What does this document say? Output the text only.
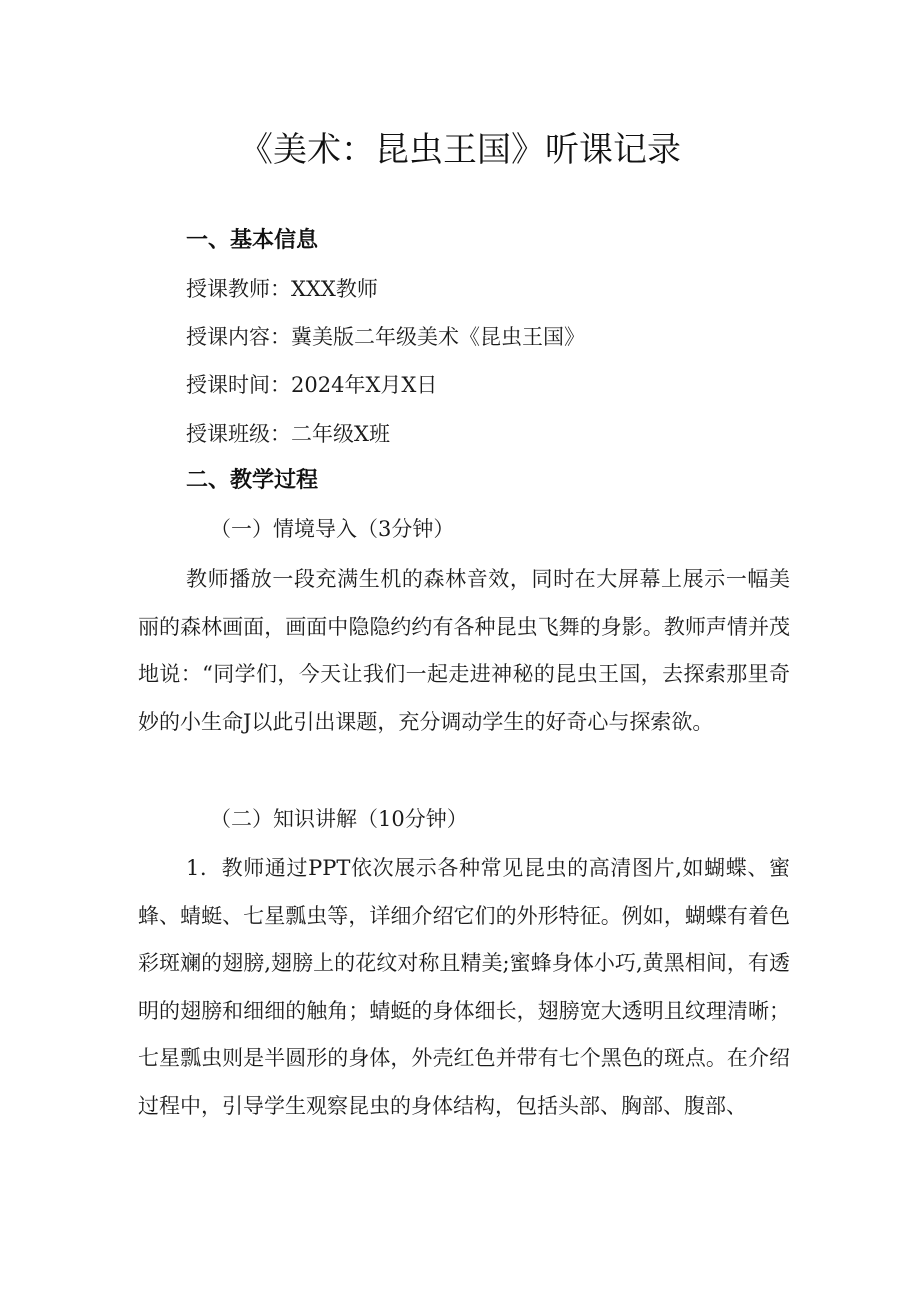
《美术：昆虫王国》听课记录
一、基本信息
授课教师：XXX教师
授课内容：冀美版二年级美术《昆虫王国》
授课时间：2024年X月X日
授课班级：二年级X班
二、教学过程
（一）情境导入（3分钟）

教师播放一段充满生机的森林音效，同时在大屏幕上展示一幅美丽的森林画面，画面中隐隐约约有各种昆虫飞舞的身影。教师声情并茂地说：“同学们，今天让我们一起走进神秘的昆虫王国，去探索那里奇妙的小生命J以此引出课题，充分调动学生的好奇心与探索欲。

（二）知识讲解（10分钟）

1．教师通过PPT依次展示各种常见昆虫的高清图片,如蝴蝶、蜜蜂、蜻蜓、七星瓢虫等，详细介绍它们的外形特征。例如，蝴蝶有着色彩斑斓的翅膀,翅膀上的花纹对称且精美;蜜蜂身体小巧,黄黑相间，有透明的翅膀和细细的触角；蜻蜓的身体细长，翅膀宽大透明且纹理清晰；七星瓢虫则是半圆形的身体，外壳红色并带有七个黑色的斑点。在介绍过程中，引导学生观察昆虫的身体结构，包括头部、胸部、腹部、
